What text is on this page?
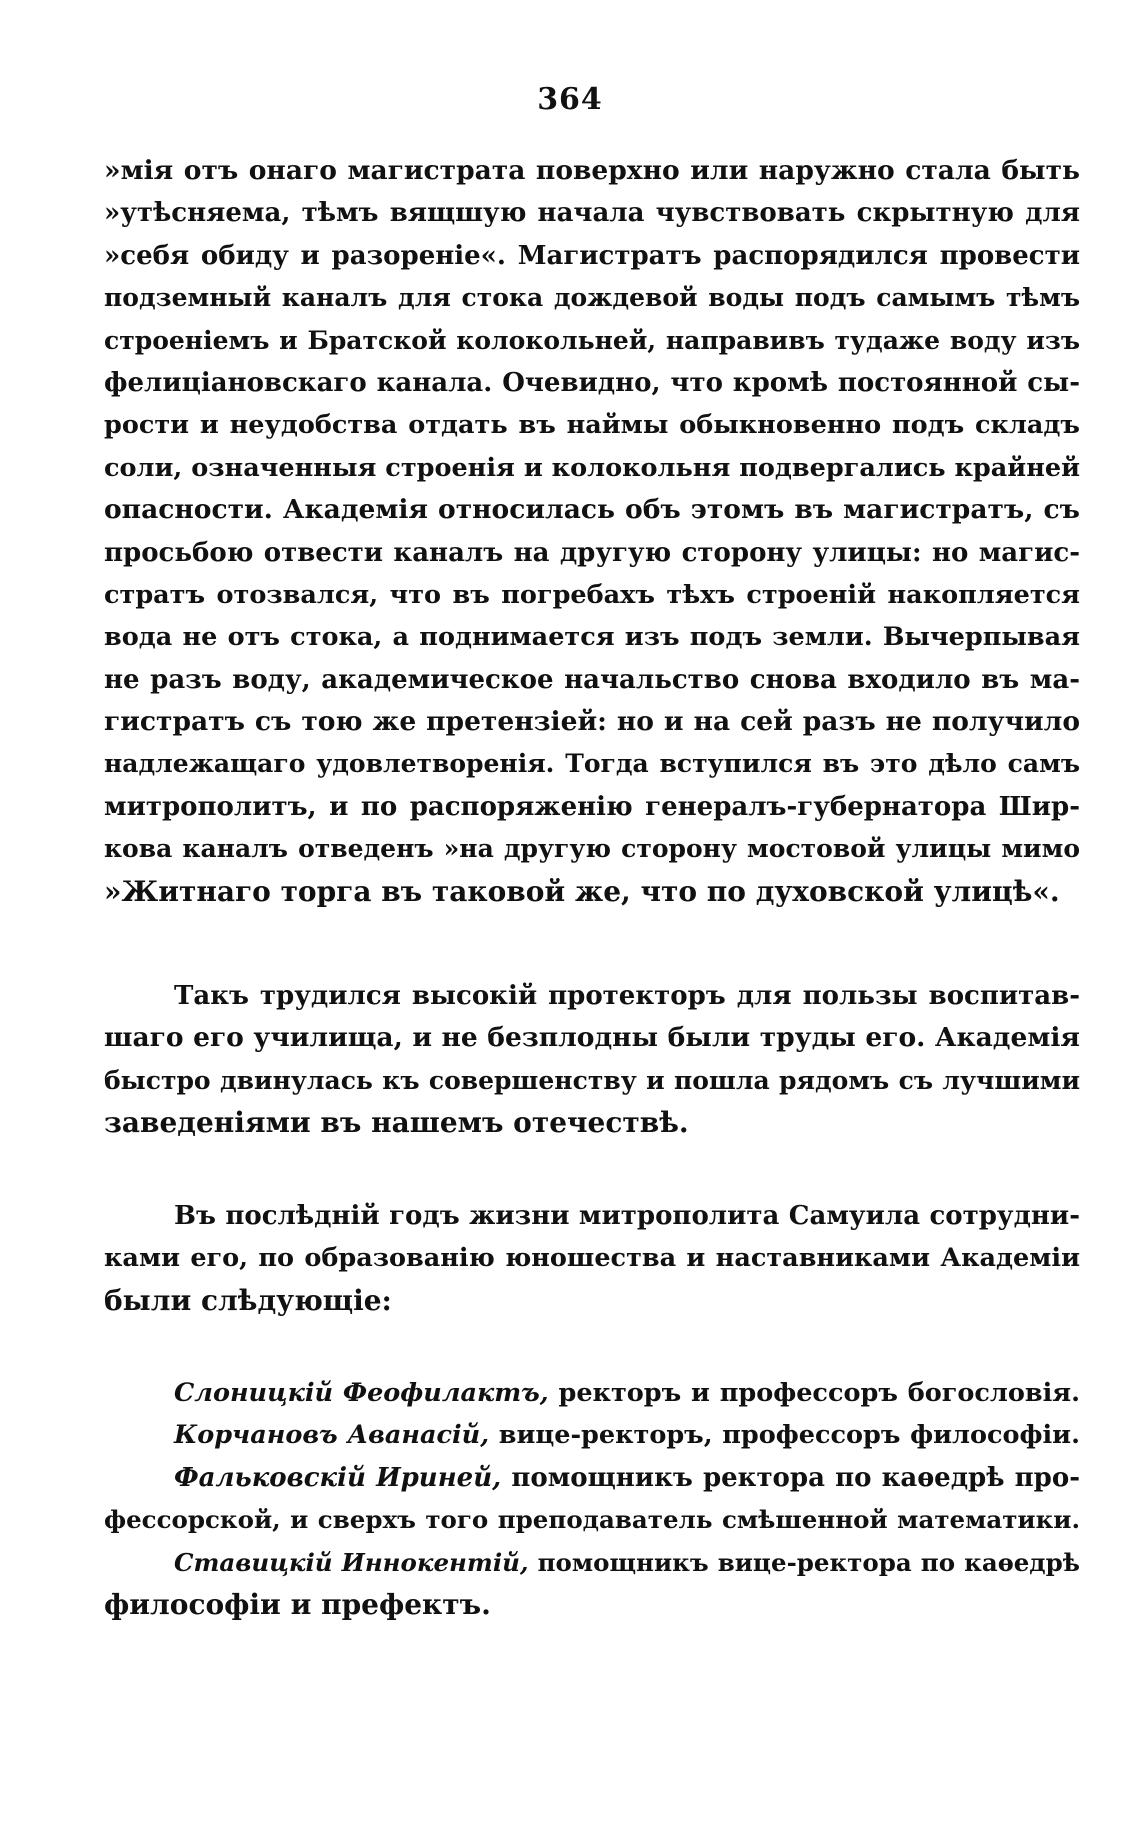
364
»мія отъ онаго магистрата поверхно или наружно стала быть
»утѣсняема, тѣмъ вящшую начала чувствовать скрытную для
»себя обиду и разореніе«. Магистратъ распорядился провести
подземный каналъ для стока дождевой воды подъ самымъ тѣмъ
строеніемъ и Братской колокольней, направивъ тудаже воду изъ
фелиціановскаго канала. Очевидно, что кромѣ постоянной сы-
рости и неудобства отдать въ наймы обыкновенно подъ складъ
соли, означенныя строенія и колокольня подвергались крайней
опасности. Академія относилась объ этомъ въ магистратъ, съ
просьбою отвести каналъ на другую сторону улицы: но магис-
стратъ отозвался, что въ погребахъ тѣхъ строеній накопляется
вода не отъ стока, а поднимается изъ подъ земли. Вычерпывая
не разъ воду, академическое начальство снова входило въ ма-
гистратъ съ тою же претензіей: но и на сей разъ не получило
надлежащаго удовлетворенія. Тогда вступился въ это дѣло самъ
митрополитъ, и по распоряженію генералъ-губернатора Шир-
кова каналъ отведенъ »на другую сторону мостовой улицы мимо
»Житнаго торга въ таковой же, что по духовской улицѣ«.
Такъ трудился высокій протекторъ для пользы воспитав-
шаго его училища, и не безплодны были труды его. Академія
быстро двинулась къ совершенству и пошла рядомъ съ лучшими
заведеніями въ нашемъ отечествѣ.
Въ послѣдній годъ жизни митрополита Самуила сотрудни-
ками его, по образованію юношества и наставниками Академіи
были слѣдующіе:
Слоницкій Феофилактъ, ректоръ и профессоръ богословія.
Корчановъ Аванасій, вице-ректоръ, профессоръ философіи.
Фальковскій Ириней, помощникъ ректора по каѳедрѣ про-
фессорской, и сверхъ того преподаватель смѣшенной математики.
Ставицкій Иннокентій, помощникъ вице-ректора по каѳедрѣ
философіи и префектъ.
